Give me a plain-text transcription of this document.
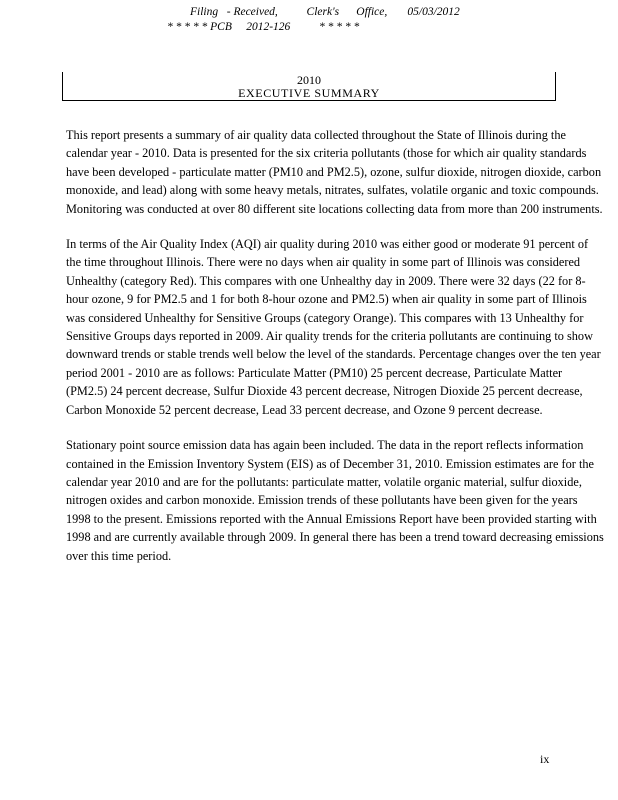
Filing   - Received,          Clerk's      Office,       05/03/2012
* * * * * PCB     2012-126          * * * * *
2010
EXECUTIVE SUMMARY

This report presents a summary of air quality data collected throughout the State of Illinois during the calendar year - 2010. Data is presented for the six criteria pollutants (those for which air quality standards have been developed - particulate matter (PM10 and PM2.5), ozone, sulfur dioxide, nitrogen dioxide, carbon monoxide, and lead) along with some heavy metals, nitrates, sulfates, volatile organic and toxic compounds. Monitoring was conducted at over 80 different site locations collecting data from more than 200 instruments.

In terms of the Air Quality Index (AQI) air quality during 2010 was either good or moderate 91 percent of the time throughout Illinois. There were no days when air quality in some part of Illinois was considered Unhealthy (category Red). This compares with one Unhealthy day in 2009. There were 32 days (22 for 8-hour ozone, 9 for PM2.5 and 1 for both 8-hour ozone and PM2.5) when air quality in some part of Illinois was considered Unhealthy for Sensitive Groups (category Orange). This compares with 13 Unhealthy for Sensitive Groups days reported in 2009. Air quality trends for the criteria pollutants are continuing to show downward trends or stable trends well below the level of the standards. Percentage changes over the ten year period 2001 - 2010 are as follows: Particulate Matter (PM10) 25 percent decrease, Particulate Matter (PM2.5) 24 percent decrease, Sulfur Dioxide 43 percent decrease, Nitrogen Dioxide 25 percent decrease, Carbon Monoxide 52 percent decrease, Lead 33 percent decrease, and Ozone 9 percent decrease.

Stationary point source emission data has again been included. The data in the report reflects information contained in the Emission Inventory System (EIS) as of December 31, 2010. Emission estimates are for the calendar year 2010 and are for the pollutants: particulate matter, volatile organic material, sulfur dioxide, nitrogen oxides and carbon monoxide. Emission trends of these pollutants have been given for the years 1998 to the present. Emissions reported with the Annual Emissions Report have been provided starting with 1998 and are currently available through 2009. In general there has been a trend toward decreasing emissions over this time period.

ix
